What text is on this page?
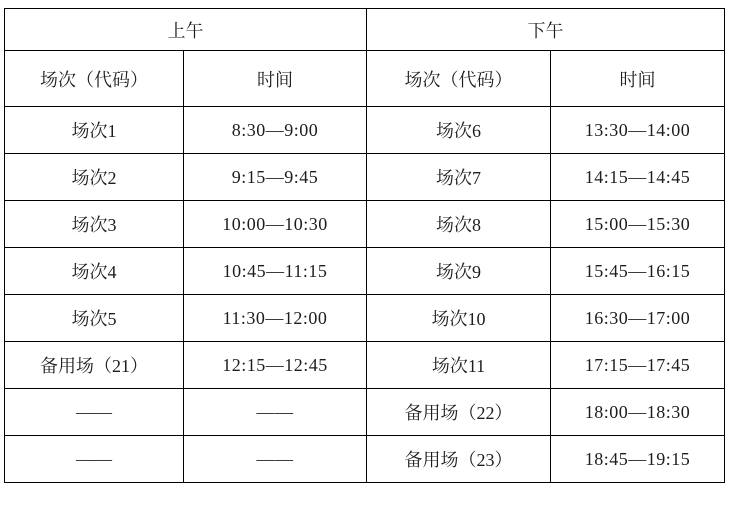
上午		下午	
场次（代码）	时间	场次（代码）	时间
场次1	8:30—9:00	场次6	13:30—14:00
场次2	9:15—9:45	场次7	14:15—14:45
场次3	10:00—10:30	场次8	15:00—15:30
场次4	10:45—11:15	场次9	15:45—16:15
场次5	11:30—12:00	场次10	16:30—17:00
备用场（21）	12:15—12:45	场次11	17:15—17:45
——	——	备用场（22）	18:00—18:30
——	——	备用场（23）	18:45—19:15
